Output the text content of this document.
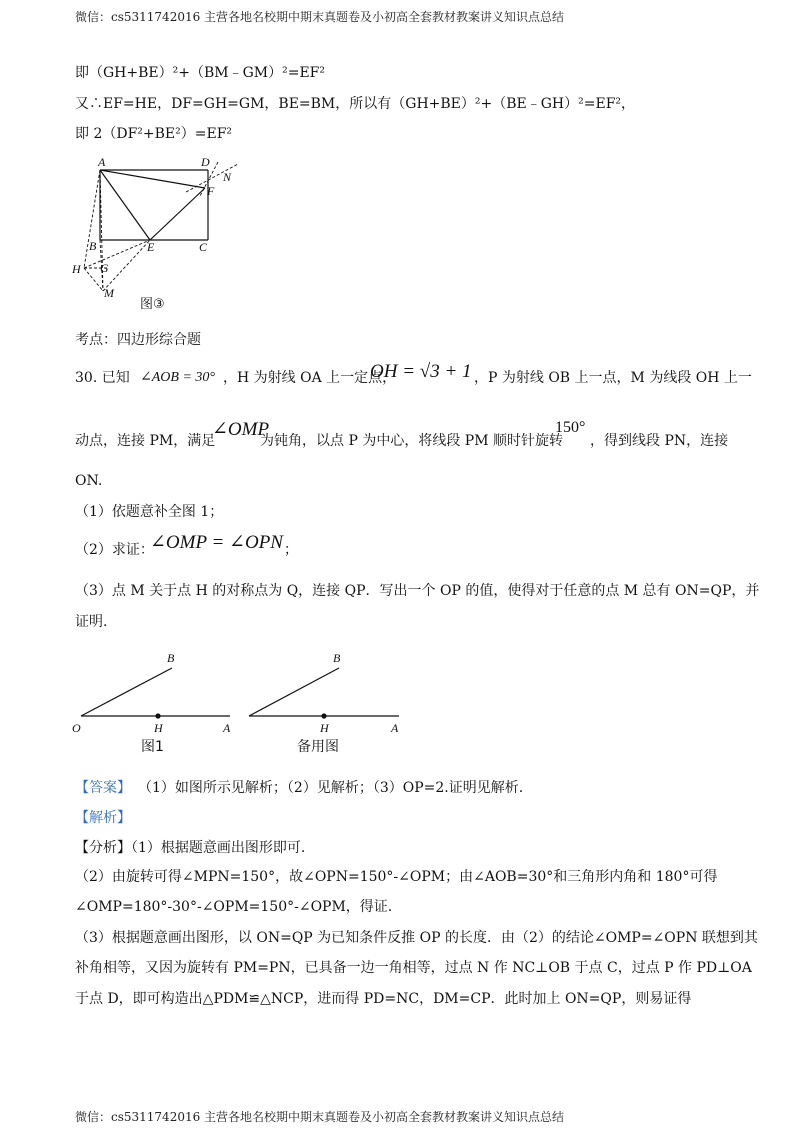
微信：cs5311742016 主营各地名校期中期末真题卷及小初高全套教材教案讲义知识点总结
即（GH+BE）²+（BM﹣GM）²=EF²
又∴EF=HE，DF=GH=GM，BE=BM，所以有（GH+BE）²+（BE﹣GH）²=EF²，
即 2（DF²+BE²）=EF²
A	D
N
F
B	E	C
H G
M
图③
考点：四边形综合题
30. 已知 ∠AOB = 30° ，H 为射线 OA 上一定点，
OH = √3 + 1 ，P 为射线 OB 上一点，M 为线段 OH 上一
动点，连接 PM，满足
∠OMP
为钝角，以点 P 为中心，将线段 PM 顺时针旋转
150°
，得到线段 PN，连接
ON.
（1）依题意补全图 1；
（2）求证：
∠OMP = ∠OPN ；
（3）点 M 关于点 H 的对称点为 Q，连接 QP．写出一个 OP 的值，使得对于任意的点 M 总有 ON=QP，并
证明.
B
O	H	A
图1
B
H	A
备用图
【答案】 （1）如图所示见解析；（2）见解析；（3）OP=2.证明见解析.
【解析】
【分析】（1）根据题意画出图形即可.
（2）由旋转可得∠MPN=150°，故∠OPN=150°-∠OPM；由∠AOB=30°和三角形内角和 180°可得
∠OMP=180°-30°-∠OPM=150°-∠OPM，得证.
（3）根据题意画出图形，以 ON=QP 为已知条件反推 OP 的长度．由（2）的结论∠OMP=∠OPN 联想到其
补角相等，又因为旋转有 PM=PN，已具备一边一角相等，过点 N 作 NC⊥OB 于点 C，过点 P 作 PD⊥OA
于点 D，即可构造出△PDM≌△NCP，进而得 PD=NC，DM=CP．此时加上 ON=QP，则易证得
微信：cs5311742016 主营各地名校期中期末真题卷及小初高全套教材教案讲义知识点总结
